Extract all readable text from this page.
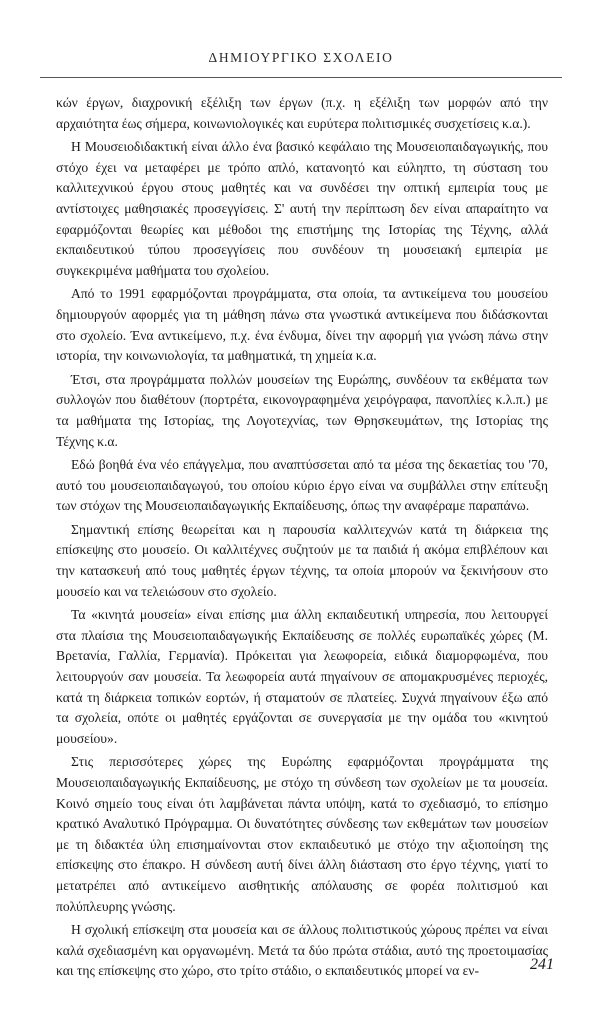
ΔΗΜΙΟΥΡΓΙΚΟ ΣΧΟΛΕΙΟ

κών έργων, διαχρονική εξέλιξη των έργων (π.χ. η εξέλιξη των μορφών από την αρχαιότητα έως σήμερα, κοινωνιολογικές και ευρύτερα πολιτισμικές συσχετίσεις κ.α.).

Η Μουσειοδιδακτική είναι άλλο ένα βασικό κεφάλαιο της Μουσειοπαιδαγωγικής, που στόχο έχει να μεταφέρει με τρόπο απλό, κατανοητό και εύληπτο, τη σύσταση του καλλιτεχνικού έργου στους μαθητές και να συνδέσει την οπτική εμπειρία τους με αντίστοιχες μαθησιακές προσεγγίσεις. Σ' αυτή την περίπτωση δεν είναι απαραίτητο να εφαρμόζονται θεωρίες και μέθοδοι της επιστήμης της Ιστορίας της Τέχνης, αλλά εκπαιδευτικού τύπου προσεγγίσεις που συνδέουν τη μουσειακή εμπειρία με συγκεκριμένα μαθήματα του σχολείου.

Από το 1991 εφαρμόζονται προγράμματα, στα οποία, τα αντικείμενα του μουσείου δημιουργούν αφορμές για τη μάθηση πάνω στα γνωστικά αντικείμενα που διδάσκονται στο σχολείο. Ένα αντικείμενο, π.χ. ένα ένδυμα, δίνει την αφορμή για γνώση πάνω στην ιστορία, την κοινωνιολογία, τα μαθηματικά, τη χημεία κ.α.

Έτσι, στα προγράμματα πολλών μουσείων της Ευρώπης, συνδέουν τα εκθέματα των συλλογών που διαθέτουν (πορτρέτα, εικονογραφημένα χειρόγραφα, πανοπλίες κ.λ.π.) με τα μαθήματα της Ιστορίας, της Λογοτεχνίας, των Θρησκευμάτων, της Ιστορίας της Τέχνης κ.α.

Εδώ βοηθά ένα νέο επάγγελμα, που αναπτύσσεται από τα μέσα της δεκαετίας του '70, αυτό του μουσειοπαιδαγωγού, του οποίου κύριο έργο είναι να συμβάλλει στην επίτευξη των στόχων της Μουσειοπαιδαγωγικής Εκπαίδευσης, όπως την αναφέραμε παραπάνω.

Σημαντική επίσης θεωρείται και η παρουσία καλλιτεχνών κατά τη διάρκεια της επίσκεψης στο μουσείο. Οι καλλιτέχνες συζητούν με τα παιδιά ή ακόμα επιβλέπουν και την κατασκευή από τους μαθητές έργων τέχνης, τα οποία μπορούν να ξεκινήσουν στο μουσείο και να τελειώσουν στο σχολείο.

Τα «κινητά μουσεία» είναι επίσης μια άλλη εκπαιδευτική υπηρεσία, που λειτουργεί στα πλαίσια της Μουσειοπαιδαγωγικής Εκπαίδευσης σε πολλές ευρωπαϊκές χώρες (Μ. Βρετανία, Γαλλία, Γερμανία). Πρόκειται για λεωφορεία, ειδικά διαμορφωμένα, που λειτουργούν σαν μουσεία. Τα λεωφορεία αυτά πηγαίνουν σε απομακρυσμένες περιοχές, κατά τη διάρκεια τοπικών εορτών, ή σταματούν σε πλατείες. Συχνά πηγαίνουν έξω από τα σχολεία, οπότε οι μαθητές εργάζονται σε συνεργασία με την ομάδα του «κινητού μουσείου».

Στις περισσότερες χώρες της Ευρώπης εφαρμόζονται προγράμματα της Μουσειοπαιδαγωγικής Εκπαίδευσης, με στόχο τη σύνδεση των σχολείων με τα μουσεία. Κοινό σημείο τους είναι ότι λαμβάνεται πάντα υπόψη, κατά το σχεδιασμό, το επίσημο κρατικό Αναλυτικό Πρόγραμμα. Οι δυνατότητες σύνδεσης των εκθεμάτων των μουσείων με τη διδακτέα ύλη επισημαίνονται στον εκπαιδευτικό με στόχο την αξιοποίηση της επίσκεψης στο έπακρο. Η σύνδεση αυτή δίνει άλλη διάσταση στο έργο τέχνης, γιατί το μετατρέπει από αντικείμενο αισθητικής απόλαυσης σε φορέα πολιτισμού και πολύπλευρης γνώσης.

Η σχολική επίσκεψη στα μουσεία και σε άλλους πολιτιστικούς χώρους πρέπει να είναι καλά σχεδιασμένη και οργανωμένη. Μετά τα δύο πρώτα στάδια, αυτό της προετοιμασίας και της επίσκεψης στο χώρο, στο τρίτο στάδιο, ο εκπαιδευτικός μπορεί να εν-	241
